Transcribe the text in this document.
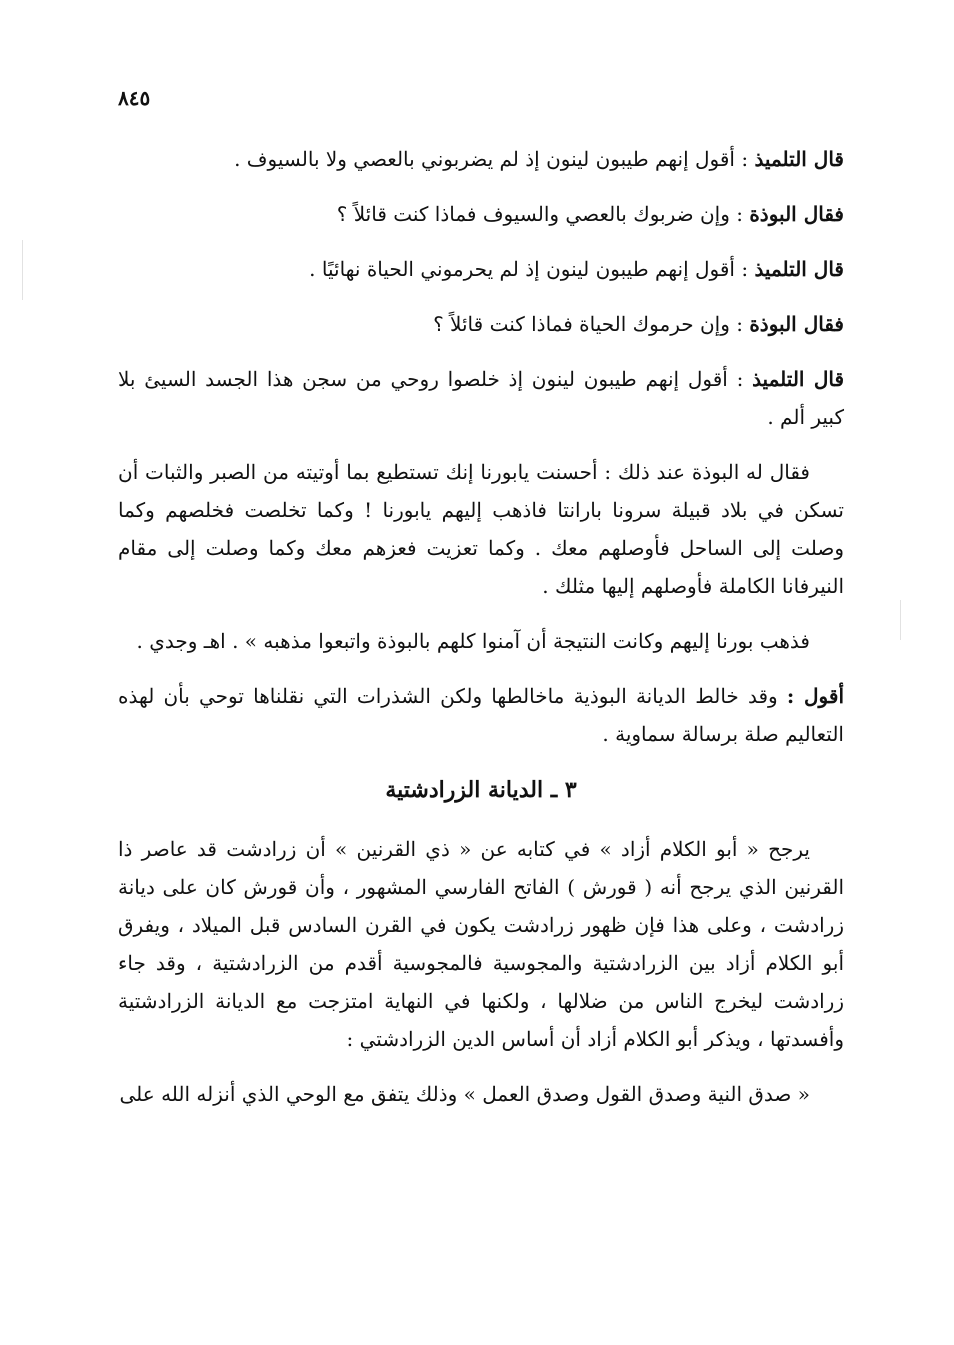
٨٤٥

قال التلميذ : أقول إنهم طيبون لينون إذ لم يضربوني بالعصي ولا بالسيوف .

فقال البوذة : وإن ضربوك بالعصي والسيوف فماذا كنت قائلاً ؟

قال التلميذ : أقول إنهم طيبون لينون إذ لم يحرموني الحياة نهائيًا .

فقال البوذة : وإن حرموك الحياة فماذا كنت قائلاً ؟

قال التلميذ : أقول إنهم طيبون لينون إذ خلصوا روحي من سجن هذا الجسد السيئ بلا كبير ألم .

فقال له البوذة عند ذلك : أحسنت يابورنا إنك تستطيع بما أوتيته من الصبر والثبات أن تسكن في بلاد قبيلة سرونا بارانتا فاذهب إليهم يابورنا ! وكما تخلصت فخلصهم وكما وصلت إلى الساحل فأوصلهم معك . وكما تعزيت فعزهم معك وكما وصلت إلى مقام النيرفانا الكاملة فأوصلهم إليها مثلك .

فذهب بورنا إليهم وكانت النتيجة أن آمنوا كلهم بالبوذة واتبعوا مذهبه » . اهـ وجدي .

أقول : وقد خالط الديانة البوذية ماخالطها ولكن الشذرات التي نقلناها توحي بأن لهذه التعاليم صلة برسالة سماوية .

٣ ـ الديانة الزرادشتية

يرجح « أبو الكلام أزاد » في كتابه عن « ذي القرنين » أن زرادشت قد عاصر ذا القرنين الذي يرجح أنه ( قورش ) الفاتح الفارسي المشهور ، وأن قورش كان على ديانة زرادشت ، وعلى هذا فإن ظهور زرادشت يكون في القرن السادس قبل الميلاد ، ويفرق أبو الكلام أزاد بين الزرادشتية والمجوسية فالمجوسية أقدم من الزرادشتية ، وقد جاء زرادشت ليخرج الناس من ضلالها ، ولكنها في النهاية امتزجت مع الديانة الزرادشتية وأفسدتها ، ويذكر أبو الكلام أزاد أن أساس الدين الزرادشتي :

« صدق النية وصدق القول وصدق العمل » وذلك يتفق مع الوحي الذي أنزله الله على
